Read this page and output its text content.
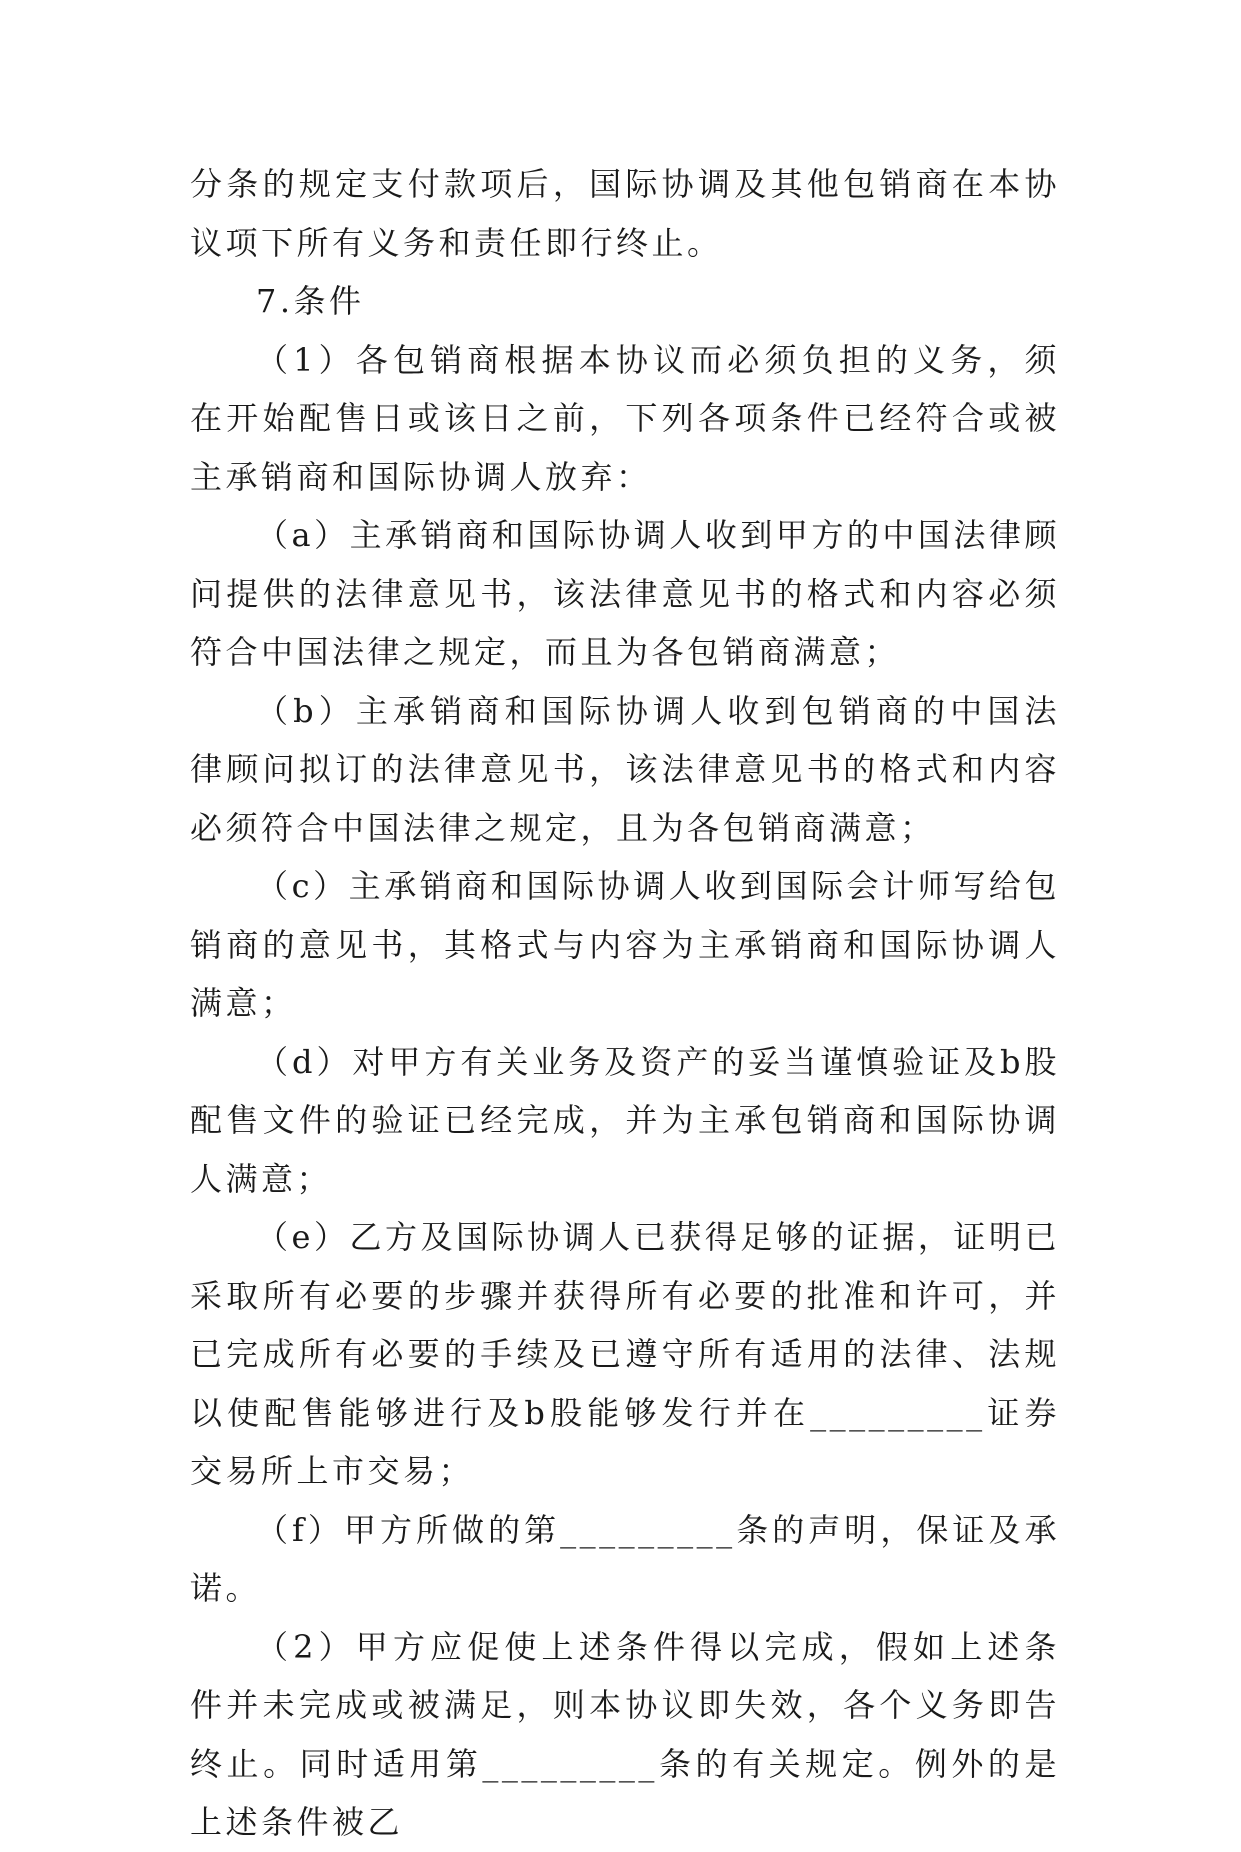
分条的规定支付款项后，国际协调及其他包销商在本协议项下所有义务和责任即行终止。

7.条件

（1）各包销商根据本协议而必须负担的义务，须在开始配售日或该日之前，下列各项条件已经符合或被主承销商和国际协调人放弃：

（a）主承销商和国际协调人收到甲方的中国法律顾问提供的法律意见书，该法律意见书的格式和内容必须符合中国法律之规定，而且为各包销商满意；

（b）主承销商和国际协调人收到包销商的中国法律顾问拟订的法律意见书，该法律意见书的格式和内容必须符合中国法律之规定，且为各包销商满意；

（c）主承销商和国际协调人收到国际会计师写给包销商的意见书，其格式与内容为主承销商和国际协调人满意；

（d）对甲方有关业务及资产的妥当谨慎验证及b股配售文件的验证已经完成，并为主承包销商和国际协调人满意；

（e）乙方及国际协调人已获得足够的证据，证明已采取所有必要的步骤并获得所有必要的批准和许可，并已完成所有必要的手续及已遵守所有适用的法律、法规以使配售能够进行及b股能够发行并在_________证券交易所上市交易；

（f）甲方所做的第_________条的声明，保证及承诺。

（2）甲方应促使上述条件得以完成，假如上述条件并未完成或被满足，则本协议即失效，各个义务即告终止。同时适用第_________条的有关规定。例外的是上述条件被乙
